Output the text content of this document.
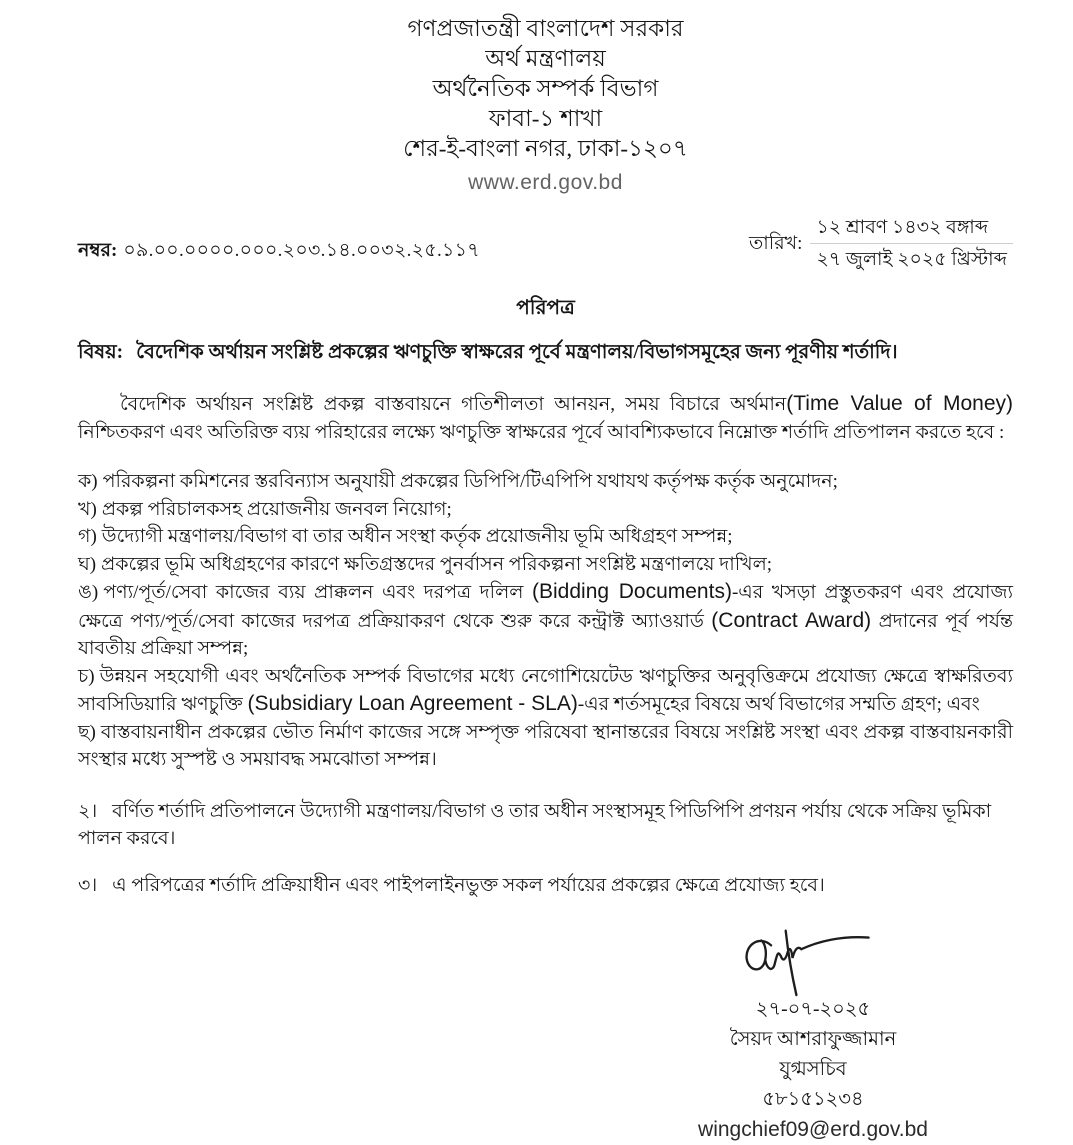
গণপ্রজাতন্ত্রী বাংলাদেশ সরকার
অর্থ মন্ত্রণালয়
অর্থনৈতিক সম্পর্ক বিভাগ
ফাবা-১ শাখা
শের-ই-বাংলা নগর, ঢাকা-১২০৭
www.erd.gov.bd
নম্বর: ০৯.০০.০০০০.০০০.২০৩.১৪.০০৩২.২৫.১১৭	তারিখ:
১২ শ্রাবণ ১৪৩২ বঙ্গাব্দ
২৭ জুলাই ২০২৫ খ্রিস্টাব্দ
পরিপত্র
বিষয়: বৈদেশিক অর্থায়ন সংশ্লিষ্ট প্রকল্পের ঋণচুক্তি স্বাক্ষরের পূর্বে মন্ত্রণালয়/বিভাগসমূহের জন্য পূরণীয় শর্তাদি।

বৈদেশিক অর্থায়ন সংশ্লিষ্ট প্রকল্প বাস্তবায়নে গতিশীলতা আনয়ন, সময় বিচারে অর্থমান(Time Value of Money) নিশ্চিতকরণ এবং অতিরিক্ত ব্যয় পরিহারের লক্ষ্যে ঋণচুক্তি স্বাক্ষরের পূর্বে আবশ্যিকভাবে নিম্নোক্ত শর্তাদি প্রতিপালন করতে হবে :

ক) পরিকল্পনা কমিশনের স্তরবিন্যাস অনুযায়ী প্রকল্পের ডিপিপি/টিএপিপি যথাযথ কর্তৃপক্ষ কর্তৃক অনুমোদন;

খ) প্রকল্প পরিচালকসহ প্রয়োজনীয় জনবল নিয়োগ;

গ) উদ্যোগী মন্ত্রণালয়/বিভাগ বা তার অধীন সংস্থা কর্তৃক প্রয়োজনীয় ভূমি অধিগ্রহণ সম্পন্ন;

ঘ) প্রকল্পের ভূমি অধিগ্রহণের কারণে ক্ষতিগ্রস্তদের পুনর্বাসন পরিকল্পনা সংশ্লিষ্ট মন্ত্রণালয়ে দাখিল;

ঙ) পণ্য/পূর্ত/সেবা কাজের ব্যয় প্রাক্কলন এবং দরপত্র দলিল (Bidding Documents)-এর খসড়া প্রস্তুতকরণ এবং প্রযোজ্য ক্ষেত্রে পণ্য/পূর্ত/সেবা কাজের দরপত্র প্রক্রিয়াকরণ থেকে শুরু করে কন্ট্রাক্ট অ্যাওয়ার্ড (Contract Award) প্রদানের পূর্ব পর্যন্ত যাবতীয় প্রক্রিয়া সম্পন্ন;

চ) উন্নয়ন সহযোগী এবং অর্থনৈতিক সম্পর্ক বিভাগের মধ্যে নেগোশিয়েটেড ঋণচুক্তির অনুবৃত্তিক্রমে প্রযোজ্য ক্ষেত্রে স্বাক্ষরিতব্য সাবসিডিয়ারি ঋণচুক্তি (Subsidiary Loan Agreement - SLA)-এর শর্তসমূহের বিষয়ে অর্থ বিভাগের সম্মতি গ্রহণ; এবং

ছ) বাস্তবায়নাধীন প্রকল্পের ভৌত নির্মাণ কাজের সঙ্গে সম্পৃক্ত পরিষেবা স্থানান্তরের বিষয়ে সংশ্লিষ্ট সংস্থা এবং প্রকল্প বাস্তবায়নকারী সংস্থার মধ্যে সুস্পষ্ট ও সময়াবদ্ধ সমঝোতা সম্পন্ন।

২। বর্ণিত শর্তাদি প্রতিপালনে উদ্যোগী মন্ত্রণালয়/বিভাগ ও তার অধীন সংস্থাসমূহ পিডিপিপি প্রণয়ন পর্যায় থেকে সক্রিয় ভূমিকা পালন করবে।

৩। এ পরিপত্রের শর্তাদি প্রক্রিয়াধীন এবং পাইপলাইনভুক্ত সকল পর্যায়ের প্রকল্পের ক্ষেত্রে প্রযোজ্য হবে।

২৭-০৭-২০২৫
সৈয়দ আশরাফুজ্জামান
যুগ্মসচিব
৫৮১৫১২৩৪
wingchief09@erd.gov.bd
